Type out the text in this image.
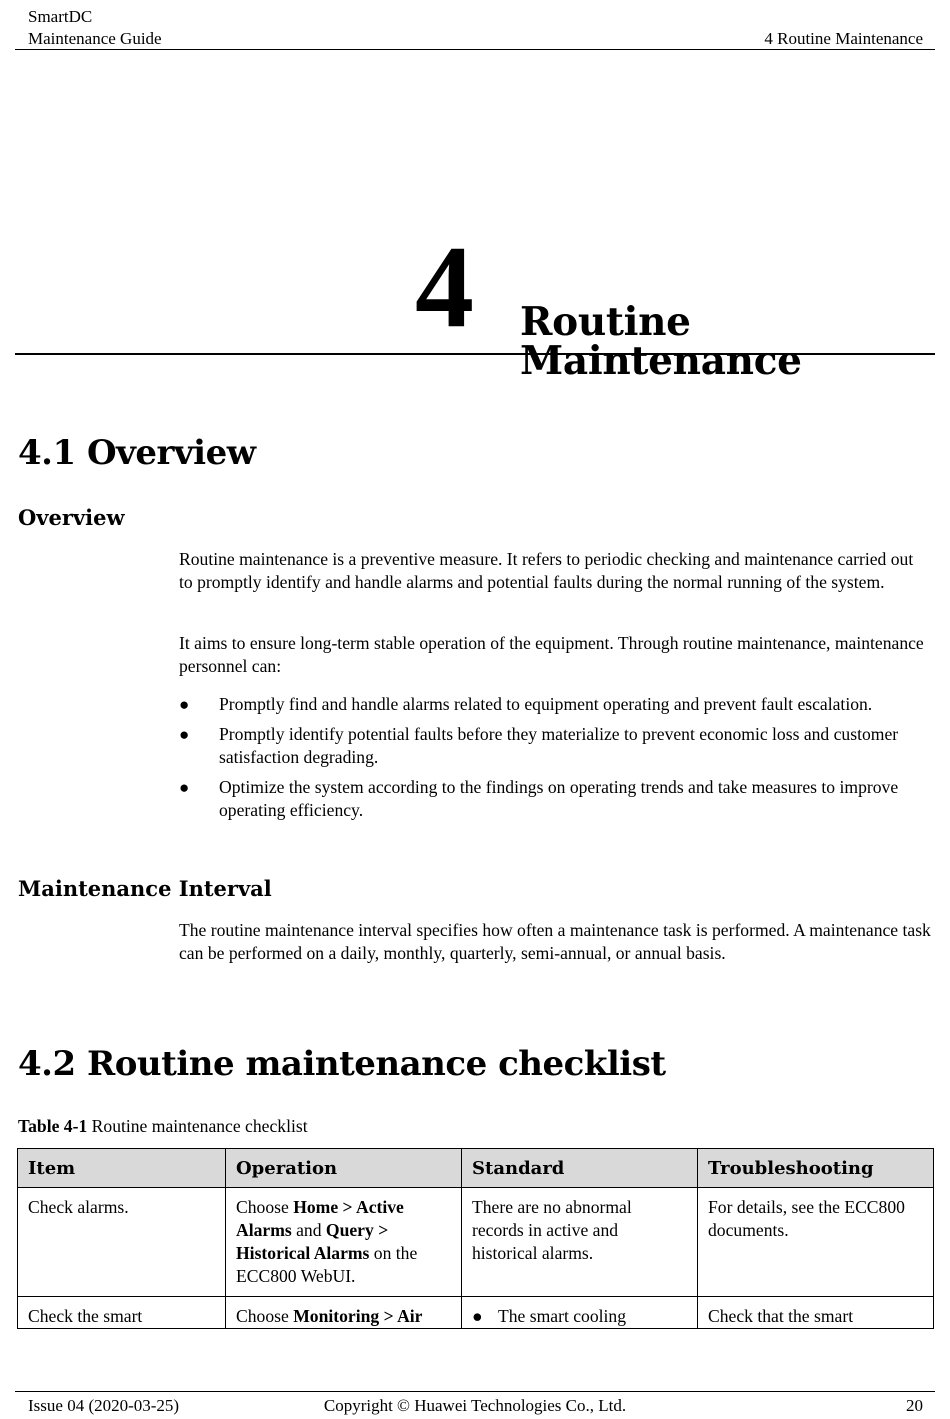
SmartDC
Maintenance Guide	4 Routine Maintenance
4 Routine Maintenance
4.1 Overview
Overview
Routine maintenance is a preventive measure. It refers to periodic checking and maintenance carried out to promptly identify and handle alarms and potential faults during the normal running of the system.
It aims to ensure long-term stable operation of the equipment. Through routine maintenance, maintenance personnel can:
● Promptly find and handle alarms related to equipment operating and prevent fault escalation.
● Promptly identify potential faults before they materialize to prevent economic loss and customer satisfaction degrading.
● Optimize the system according to the findings on operating trends and take measures to improve operating efficiency.
Maintenance Interval
The routine maintenance interval specifies how often a maintenance task is performed. A maintenance task can be performed on a daily, monthly, quarterly, semi-annual, or annual basis.
4.2 Routine maintenance checklist
Table 4-1 Routine maintenance checklist
Item	Operation	Standard	Troubleshooting
Check alarms.	Choose Home > Active Alarms and Query > Historical Alarms on the ECC800 WebUI.	There are no abnormal records in active and historical alarms.	For details, see the ECC800 documents.
Check the smart	Choose Monitoring > Air	● The smart cooling	Check that the smart
Issue 04 (2020-03-25)	Copyright © Huawei Technologies Co., Ltd.	20
